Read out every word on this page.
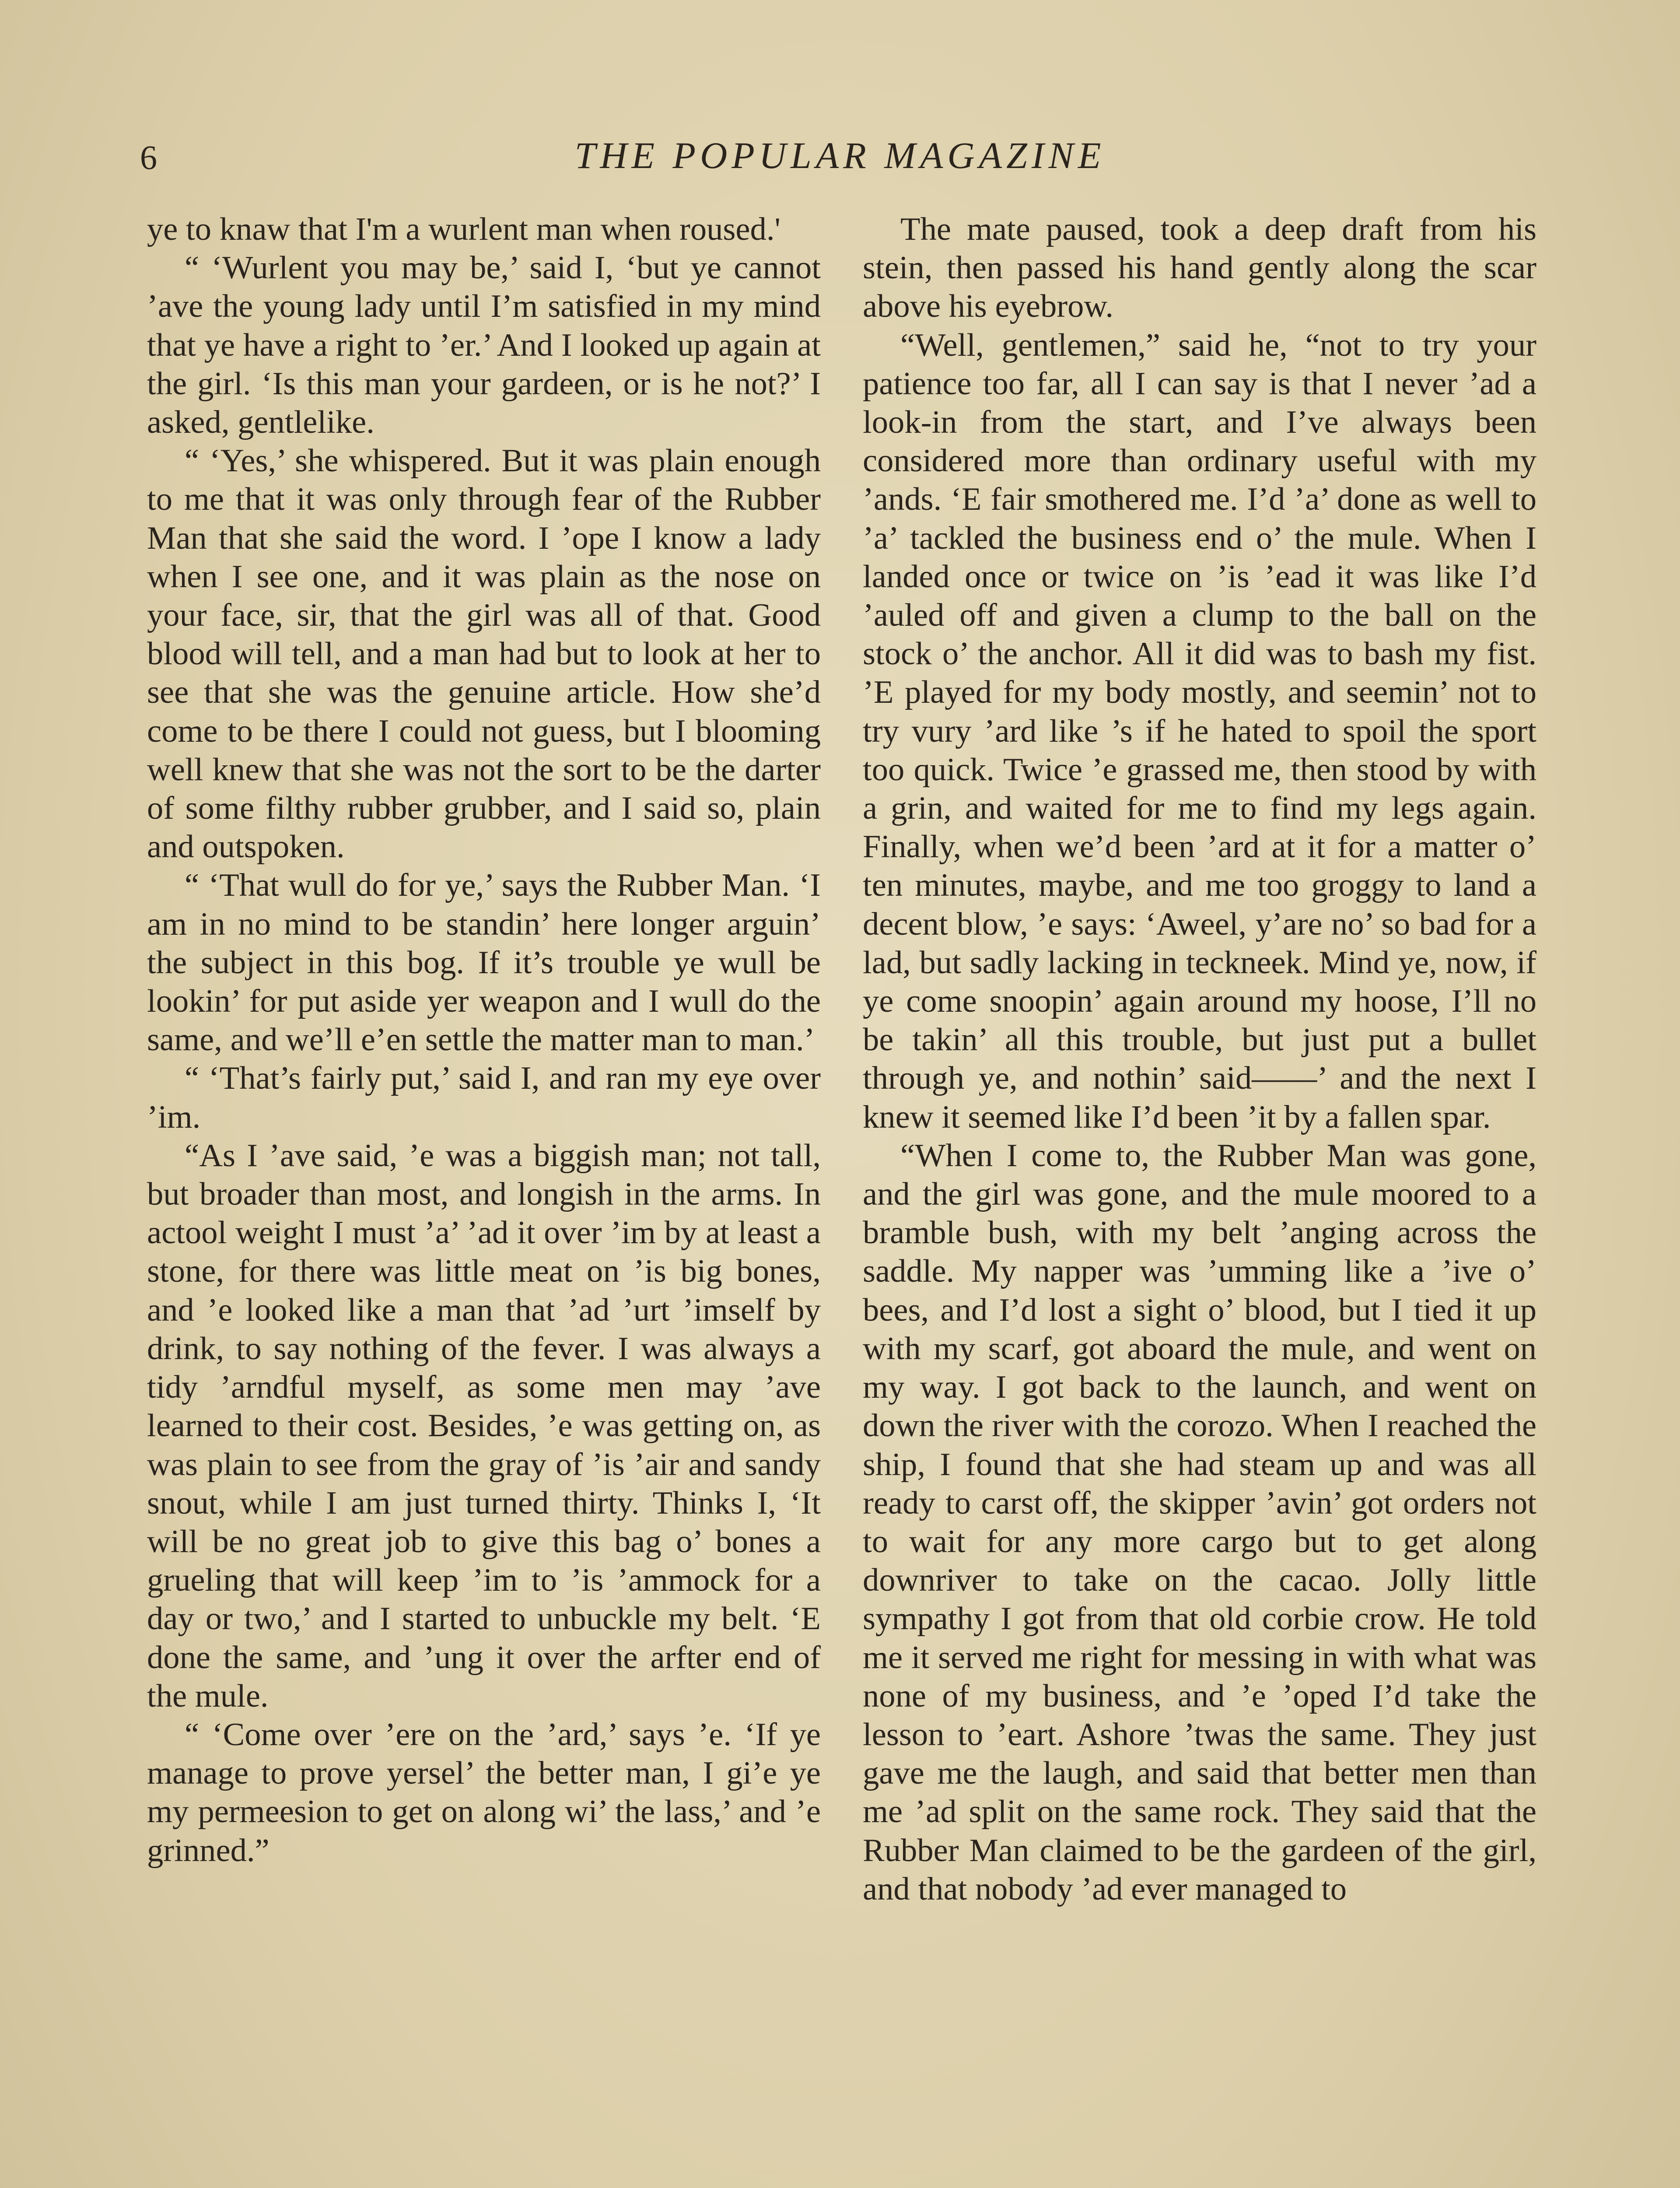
6	THE POPULAR MAGAZINE

ye to knaw that I'm a wurlent man when roused.'

“ ‘Wurlent you may be,’ said I, ‘but ye cannot ’ave the young lady until I’m satisfied in my mind that ye have a right to ’er.’ And I looked up again at the girl. ‘Is this man your gardeen, or is he not?’ I asked, gentlelike.

“ ‘Yes,’ she whispered. But it was plain enough to me that it was only through fear of the Rubber Man that she said the word. I ’ope I know a lady when I see one, and it was plain as the nose on your face, sir, that the girl was all of that. Good blood will tell, and a man had but to look at her to see that she was the genuine article. How she’d come to be there I could not guess, but I blooming well knew that she was not the sort to be the darter of some filthy rubber grubber, and I said so, plain and outspoken.

“ ‘That wull do for ye,’ says the Rubber Man. ‘I am in no mind to be standin’ here longer arguin’ the subject in this bog. If it’s trouble ye wull be lookin’ for put aside yer weapon and I wull do the same, and we’ll e’en settle the matter man to man.’

“ ‘That’s fairly put,’ said I, and ran my eye over ’im.

“As I ’ave said, ’e was a biggish man; not tall, but broader than most, and longish in the arms. In actool weight I must ’a’ ’ad it over ’im by at least a stone, for there was little meat on ’is big bones, and ’e looked like a man that ’ad ’urt ’imself by drink, to say nothing of the fever. I was always a tidy ’arndful myself, as some men may ’ave learned to their cost. Besides, ’e was getting on, as was plain to see from the gray of ’is ’air and sandy snout, while I am just turned thirty. Thinks I, ‘It will be no great job to give this bag o’ bones a grueling that will keep ’im to ’is ’ammock for a day or two,’ and I started to unbuckle my belt. ‘E done the same, and ’ung it over the arfter end of the mule.

“ ‘Come over ’ere on the ’ard,’ says ’e. ‘If ye manage to prove yersel’ the better man, I gi’e ye my permeesion to get on along wi’ the lass,’ and ’e grinned.”

The mate paused, took a deep draft from his stein, then passed his hand gently along the scar above his eyebrow.

“Well, gentlemen,” said he, “not to try your patience too far, all I can say is that I never ’ad a look-in from the start, and I’ve always been considered more than ordinary useful with my ’ands. ‘E fair smothered me. I’d ’a’ done as well to ’a’ tackled the business end o’ the mule. When I landed once or twice on ’is ’ead it was like I’d ’auled off and given a clump to the ball on the stock o’ the anchor. All it did was to bash my fist. ’E played for my body mostly, and seemin’ not to try vury ’ard like ’s if he hated to spoil the sport too quick. Twice ’e grassed me, then stood by with a grin, and waited for me to find my legs again. Finally, when we’d been ’ard at it for a matter o’ ten minutes, maybe, and me too groggy to land a decent blow, ’e says: ‘Aweel, y’are no’ so bad for a lad, but sadly lacking in teckneek. Mind ye, now, if ye come snoopin’ again around my hoose, I’ll no be takin’ all this trouble, but just put a bullet through ye, and nothin’ said——’ and the next I knew it seemed like I’d been ’it by a fallen spar.

“When I come to, the Rubber Man was gone, and the girl was gone, and the mule moored to a bramble bush, with my belt ’anging across the saddle. My napper was ’umming like a ’ive o’ bees, and I’d lost a sight o’ blood, but I tied it up with my scarf, got aboard the mule, and went on my way. I got back to the launch, and went on down the river with the corozo. When I reached the ship, I found that she had steam up and was all ready to carst off, the skipper ’avin’ got orders not to wait for any more cargo but to get along downriver to take on the cacao. Jolly little sympathy I got from that old corbie crow. He told me it served me right for messing in with what was none of my business, and ’e ’oped I’d take the lesson to ’eart. Ashore ’twas the same. They just gave me the laugh, and said that better men than me ’ad split on the same rock. They said that the Rubber Man claimed to be the gardeen of the girl, and that nobody ’ad ever managed to
